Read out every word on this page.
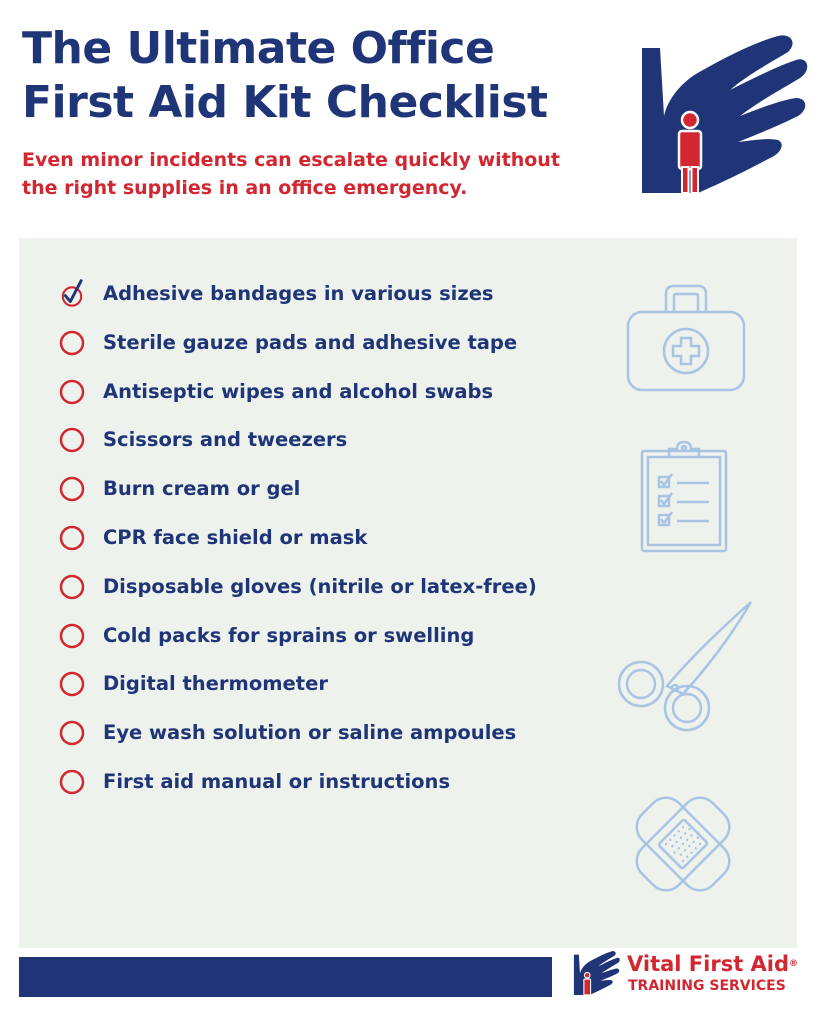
The Ultimate Office
First Aid Kit Checklist

Even minor incidents can escalate quickly without
the right supplies in an office emergency.

Adhesive bandages in various sizes
Sterile gauze pads and adhesive tape
Antiseptic wipes and alcohol swabs
Scissors and tweezers
Burn cream or gel
CPR face shield or mask
Disposable gloves (nitrile or latex-free)
Cold packs for sprains or swelling
Digital thermometer
Eye wash solution or saline ampoules
First aid manual or instructions
Vital First Aid®
TRAINING SERVICES
